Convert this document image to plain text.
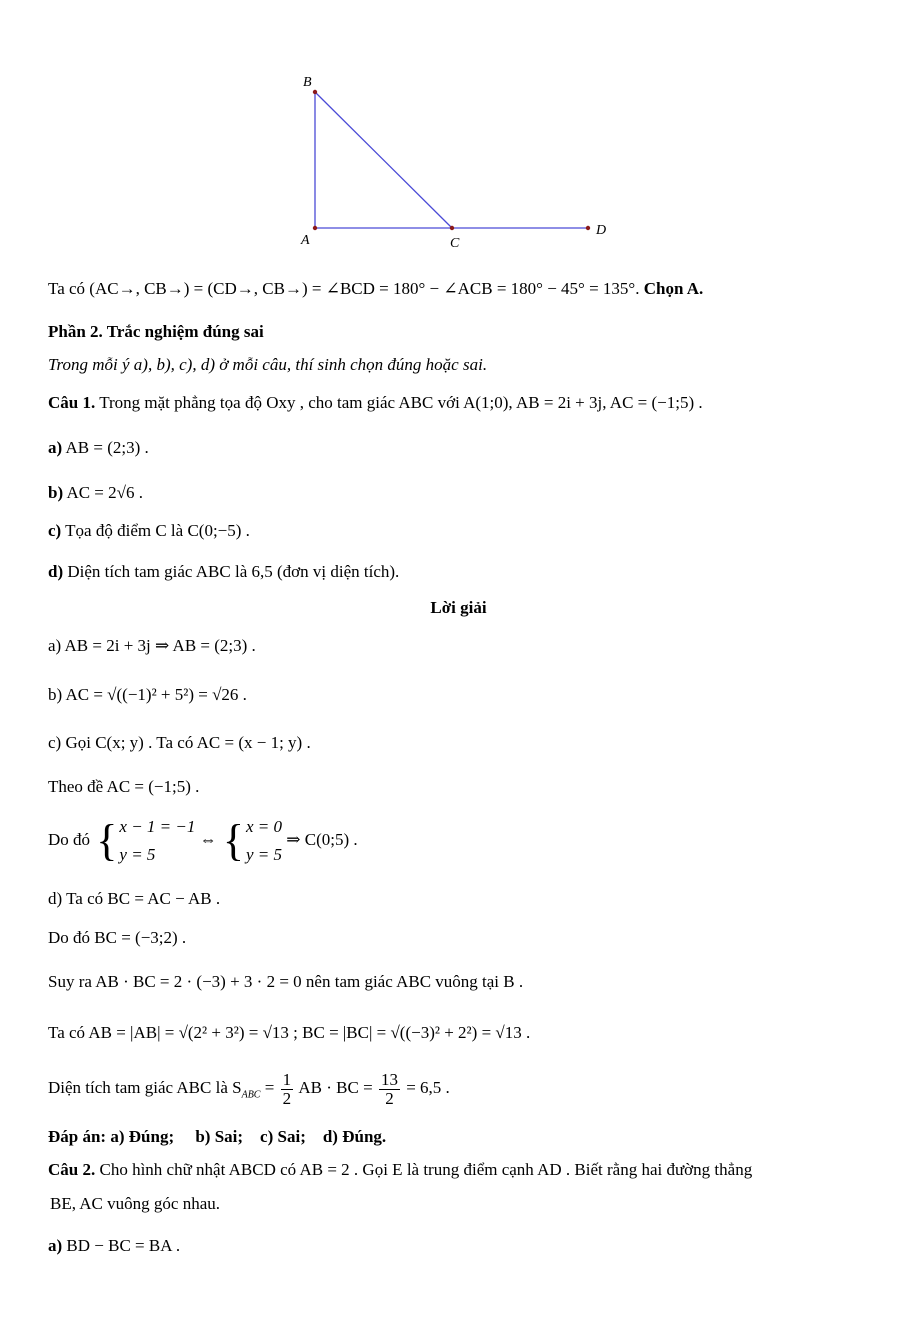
B
A	C
D
Ta có (AC→, CB→) = (CD→, CB→) = ∠BCD = 180° − ∠ACB = 180° − 45° = 135°. Chọn A.
Phần 2. Trắc nghiệm đúng sai
Trong mỗi ý a), b), c), d) ở mỗi câu, thí sinh chọn đúng hoặc sai.
Câu 1. Trong mặt phẳng tọa độ Oxy , cho tam giác ABC với A(1;0), AB = 2i + 3j, AC = (−1;5) .
a) AB = (2;3) .
b) AC = 2√6 .
c) Tọa độ điểm C là C(0;−5) .
d) Diện tích tam giác ABC là 6,5 (đơn vị diện tích).
Lời giải
a) AB = 2i + 3j ⇒ AB = (2;3) .
b) AC = √((−1)² + 5²) = √26 .
c) Gọi C(x; y) . Ta có AC = (x − 1; y) .
Theo đề AC = (−1;5) .
Do đó { x − 1 = −1
y = 5
⇔ { x = 0
y = 5
⇒ C(0;5) .
d) Ta có BC = AC − AB .
Do đó BC = (−3;2) .
Suy ra AB · BC = 2 · (−3) + 3 · 2 = 0 nên tam giác ABC vuông tại B .
Ta có AB = |AB| = √(2² + 3²) = √13 ; BC = |BC| = √((−3)² + 2²) = √13 .
Diện tích tam giác ABC là $S_{ABC} = \frac{1}{2}$ AB · BC = $\frac{13}{2} = 6,5$ .
Đáp án: a) Đúng;     b) Sai;    c) Sai;    d) Đúng.
Câu 2. Cho hình chữ nhật ABCD có AB = 2 . Gọi E là trung điểm cạnh AD . Biết rằng hai đường thẳng
BE, AC vuông góc nhau.
a) BD − BC = BA .
